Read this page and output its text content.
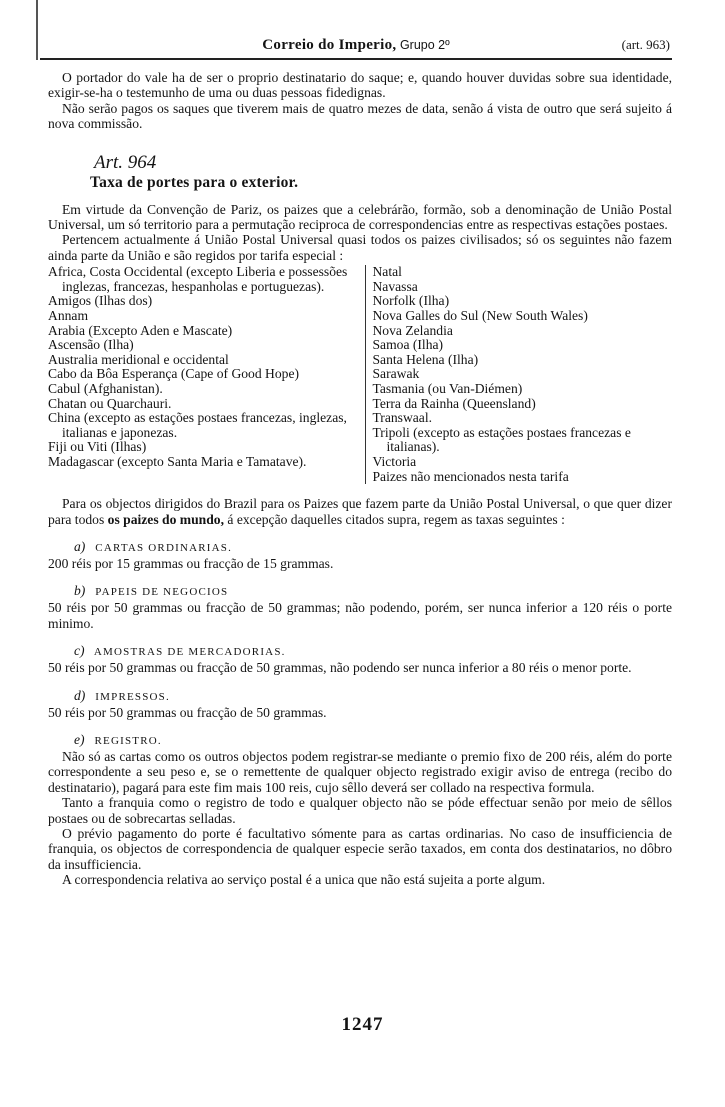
Correio do Imperio, Grupo 2º	(art. 963)

O portador do vale ha de ser o proprio destinatario do saque; e, quando houver duvidas sobre sua identidade, exigir-se-ha o testemunho de uma ou duas pessoas fidedignas.

Não serão pagos os saques que tiverem mais de quatro mezes de data, senão á vista de outro que será sujeito á nova commissão.

Art. 964
Taxa de portes para o exterior.

Em virtude da Convenção de Pariz, os paizes que a celebrárão, formão, sob a denominação de União Postal Universal, um só territorio para a permutação reciproca de correspondencias entre as respectivas estações postaes.

Pertencem actualmente á União Postal Universal quasi todos os paizes civilisados; só os seguintes não fazem ainda parte da União e são regidos por tarifa especial :

Africa, Costa Occidental (excepto Liberia e possessões inglezas, francezas, hespanholas e portuguezas).
Amigos (Ilhas dos)
Annam
Arabia (Excepto Aden e Mascate)
Ascensão (Ilha)
Australia meridional e occidental
Cabo da Bôa Esperança (Cape of Good Hope)
Cabul (Afghanistan).
Chatan ou Quarchauri.
China (excepto as estações postaes francezas, inglezas, italianas e japonezas.
Fiji ou Viti (Ilhas)
Madagascar (excepto Santa Maria e Tamatave).
Natal
Navassa
Norfolk (Ilha)
Nova Galles do Sul (New South Wales)
Nova Zelandia
Samoa (Ilha)
Santa Helena (Ilha)
Sarawak
Tasmania (ou Van-Diémen)
Terra da Rainha (Queensland)
Transwaal.
Tripoli (excepto as estações postaes francezas e italianas).
Victoria
Paizes não mencionados nesta tarifa

Para os objectos dirigidos do Brazil para os Paizes que fazem parte da União Postal Universal, o que quer dizer para todos os paizes do mundo, á excepção daquelles citados supra, regem as taxas seguintes :

a) CARTAS ORDINARIAS.

200 réis por 15 grammas ou fracção de 15 grammas.

b) PAPEIS DE NEGOCIOS

50 réis por 50 grammas ou fracção de 50 grammas; não podendo, porém, ser nunca inferior a 120 réis o porte minimo.

c) AMOSTRAS DE MERCADORIAS.

50 réis por 50 grammas ou fracção de 50 grammas, não podendo ser nunca inferior a 80 réis o menor porte.

d) IMPRESSOS.

50 réis por 50 grammas ou fracção de 50 grammas.

e) REGISTRO.

Não só as cartas como os outros objectos podem registrar-se mediante o premio fixo de 200 réis, além do porte correspondente a seu peso e, se o remettente de qualquer objecto registrado exigir aviso de entrega (recibo do destinatario), pagará para este fim mais 100 reis, cujo sêllo deverá ser collado na respectiva formula.

Tanto a franquia como o registro de todo e qualquer objecto não se póde effectuar senão por meio de sêllos postaes ou de sobrecartas selladas.

O prévio pagamento do porte é facultativo sómente para as cartas ordinarias. No caso de insufficiencia de franquia, os objectos de correspondencia de qualquer especie serão taxados, em conta dos destinatarios, no dôbro da insufficiencia.

A correspondencia relativa ao serviço postal é a unica que não está sujeita a porte algum.

1247
